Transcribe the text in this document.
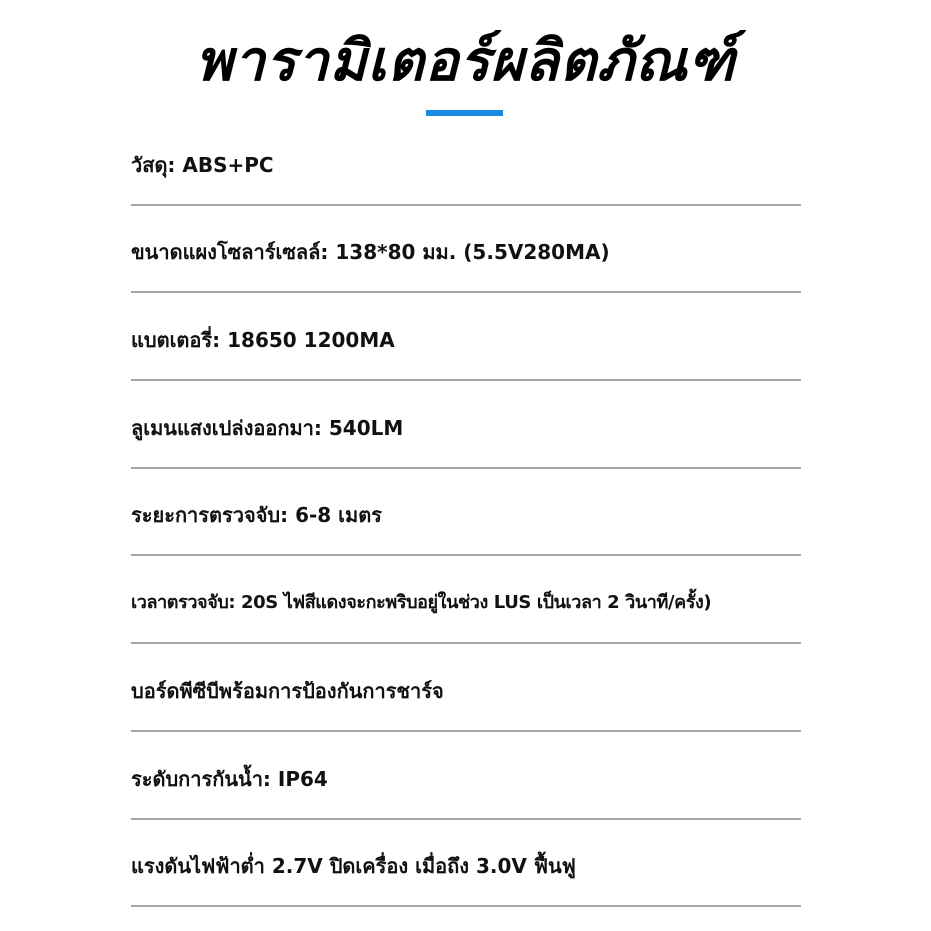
พารามิเตอร์ผลิตภัณฑ์
วัสดุ: ABS+PC
ขนาดแผงโซลาร์เซลล์: 138*80 มม. (5.5V280MA)
แบตเตอรี่: 18650 1200MA
ลูเมนแสงเปล่งออกมา: 540LM
ระยะการตรวจจับ: 6-8 เมตร
เวลาตรวจจับ: 20S ไฟสีแดงจะกะพริบอยู่ในช่วง LUS เป็นเวลา 2 วินาที/ครั้ง)
บอร์ดพีซีบีพร้อมการป้องกันการชาร์จ
ระดับการกันน้ำ: IP64
แรงดันไฟฟ้าต่ำ 2.7V ปิดเครื่อง เมื่อถึง 3.0V ฟื้นฟู
